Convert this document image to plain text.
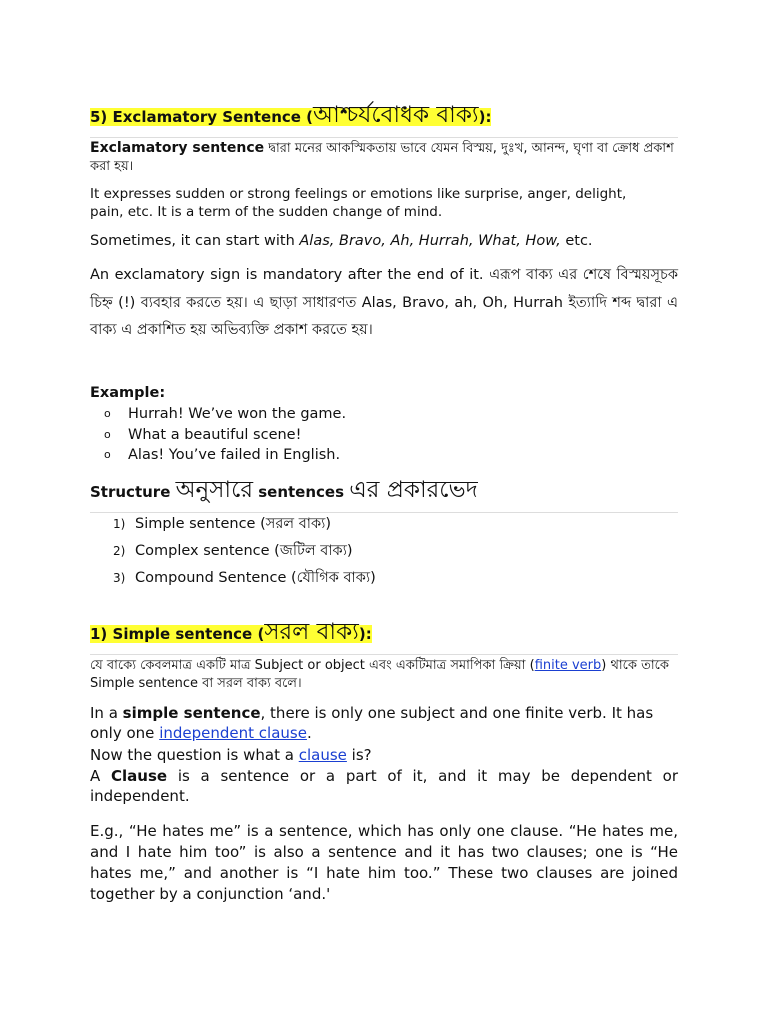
5) Exclamatory Sentence (আশ্চর্যবোধক বাক্য):

Exclamatory sentence দ্বারা মনের আকস্মিকতায় ভাবে যেমন বিস্ময়, দুঃখ, আনন্দ, ঘৃণা বা ক্রোধ প্রকাশ করা হয়।

It expresses sudden or strong feelings or emotions like surprise, anger, delight, pain, etc. It is a term of the sudden change of mind.

Sometimes, it can start with Alas, Bravo, Ah, Hurrah, What, How, etc.

An exclamatory sign is mandatory after the end of it. এরূপ বাক্য এর শেষে বিস্ময়সূচক চিহ্ন (!) ব্যবহার করতে হয়। এ ছাড়া সাধারণত Alas, Bravo, ah, Oh, Hurrah ইত্যাদি শব্দ দ্বারা এ বাক্য এ প্রকাশিত হয় অভিব্যক্তি প্রকাশ করতে হয়।

Example:

o Hurrah! We’ve won the game.
o What a beautiful scene!
o Alas! You’ve failed in English.
Structure অনুসারে sentences এর প্রকারভেদ
1) Simple sentence (সরল বাক্য)
2) Complex sentence (জটিল বাক্য)
3) Compound Sentence (যৌগিক বাক্য)
1) Simple sentence (সরল বাক্য):

যে বাক্যে কেবলমাত্র একটি মাত্র Subject or object এবং একটিমাত্র সমাপিকা ক্রিয়া (finite verb) থাকে তাকে Simple sentence বা সরল বাক্য বলে।

In a simple sentence, there is only one subject and one finite verb. It has only one independent clause.

Now the question is what a clause is?

A Clause is a sentence or a part of it, and it may be dependent or independent.

E.g., “He hates me” is a sentence, which has only one clause. “He hates me, and I hate him too” is also a sentence and it has two clauses; one is “He hates me,” and another is “I hate him too.” These two clauses are joined together by a conjunction ‘and.'
